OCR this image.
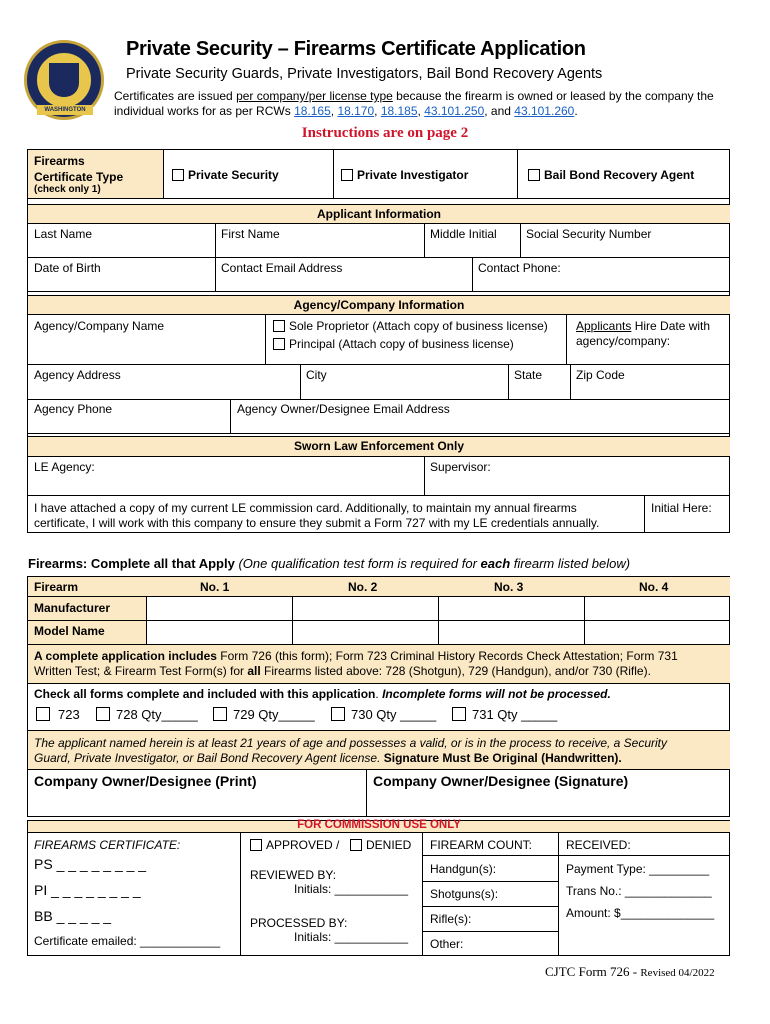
WASHINGTON
Private Security – Firearms Certificate Application
Private Security Guards, Private Investigators, Bail Bond Recovery Agents
Certificates are issued per company/per license type because the firearm is owned or leased by the company the individual works for as per RCWs 18.165, 18.170, 18.185, 43.101.250, and 43.101.260.
Instructions are on page 2
Firearms
Certificate Type
(check only 1)
Private Security	Private Investigator	Bail Bond Recovery Agent
Applicant Information
Last Name	First Name	Middle Initial Social Security Number
Date of Birth	Contact Email Address	Contact Phone:
Agency/Company Information
Agency/Company Name	Sole Proprietor (Attach copy of business license)
Principal (Attach copy of business license)
Applicants Hire Date with
agency/company:
Agency Address	City	State	Zip Code
Agency Phone	Agency Owner/Designee Email Address
Sworn Law Enforcement Only
LE Agency:	Supervisor:
I have attached a copy of my current LE commission card. Additionally, to maintain my annual firearms
certificate, I will work with this company to ensure they submit a Form 727 with my LE credentials annually.
Initial Here:
Firearms: Complete all that Apply (One qualification test form is required for each firearm listed below)
Firearm	No. 1	No. 2	No. 3	No. 4
Manufacturer
Model Name
A complete application includes Form 726 (this form); Form 723 Criminal History Records Check Attestation; Form 731
Written Test; & Firearm Test Form(s) for all Firearms listed above: 728 (Shotgun), 729 (Handgun), and/or 730 (Rifle).
Check all forms complete and included with this application. Incomplete forms will not be processed.
723	728 Qty_____	729 Qty_____	730 Qty _____	731 Qty _____
The applicant named herein is at least 21 years of age and possesses a valid, or is in the process to receive, a Security
Guard, Private Investigator, or Bail Bond Recovery Agent license. Signature Must Be Original (Handwritten).
Company Owner/Designee (Print)	Company Owner/Designee (Signature)
FOR COMMISSION USE ONLY
FIREARMS CERTIFICATE:
PS _ _ _ _ _ _ _ _
PI _ _ _ _ _ _ _ _
BB _ _ _ _ _
Certificate emailed: ____________
APPROVED /	DENIED
REVIEWED BY:
Initials: ___________
PROCESSED BY:
Initials: ___________
FIREARM COUNT:
Handgun(s):
Shotguns(s):
Rifle(s):
Other:
RECEIVED:
Payment Type: _________
Trans No.: _____________
Amount: $______________
CJTC Form 726 - Revised 04/2022
